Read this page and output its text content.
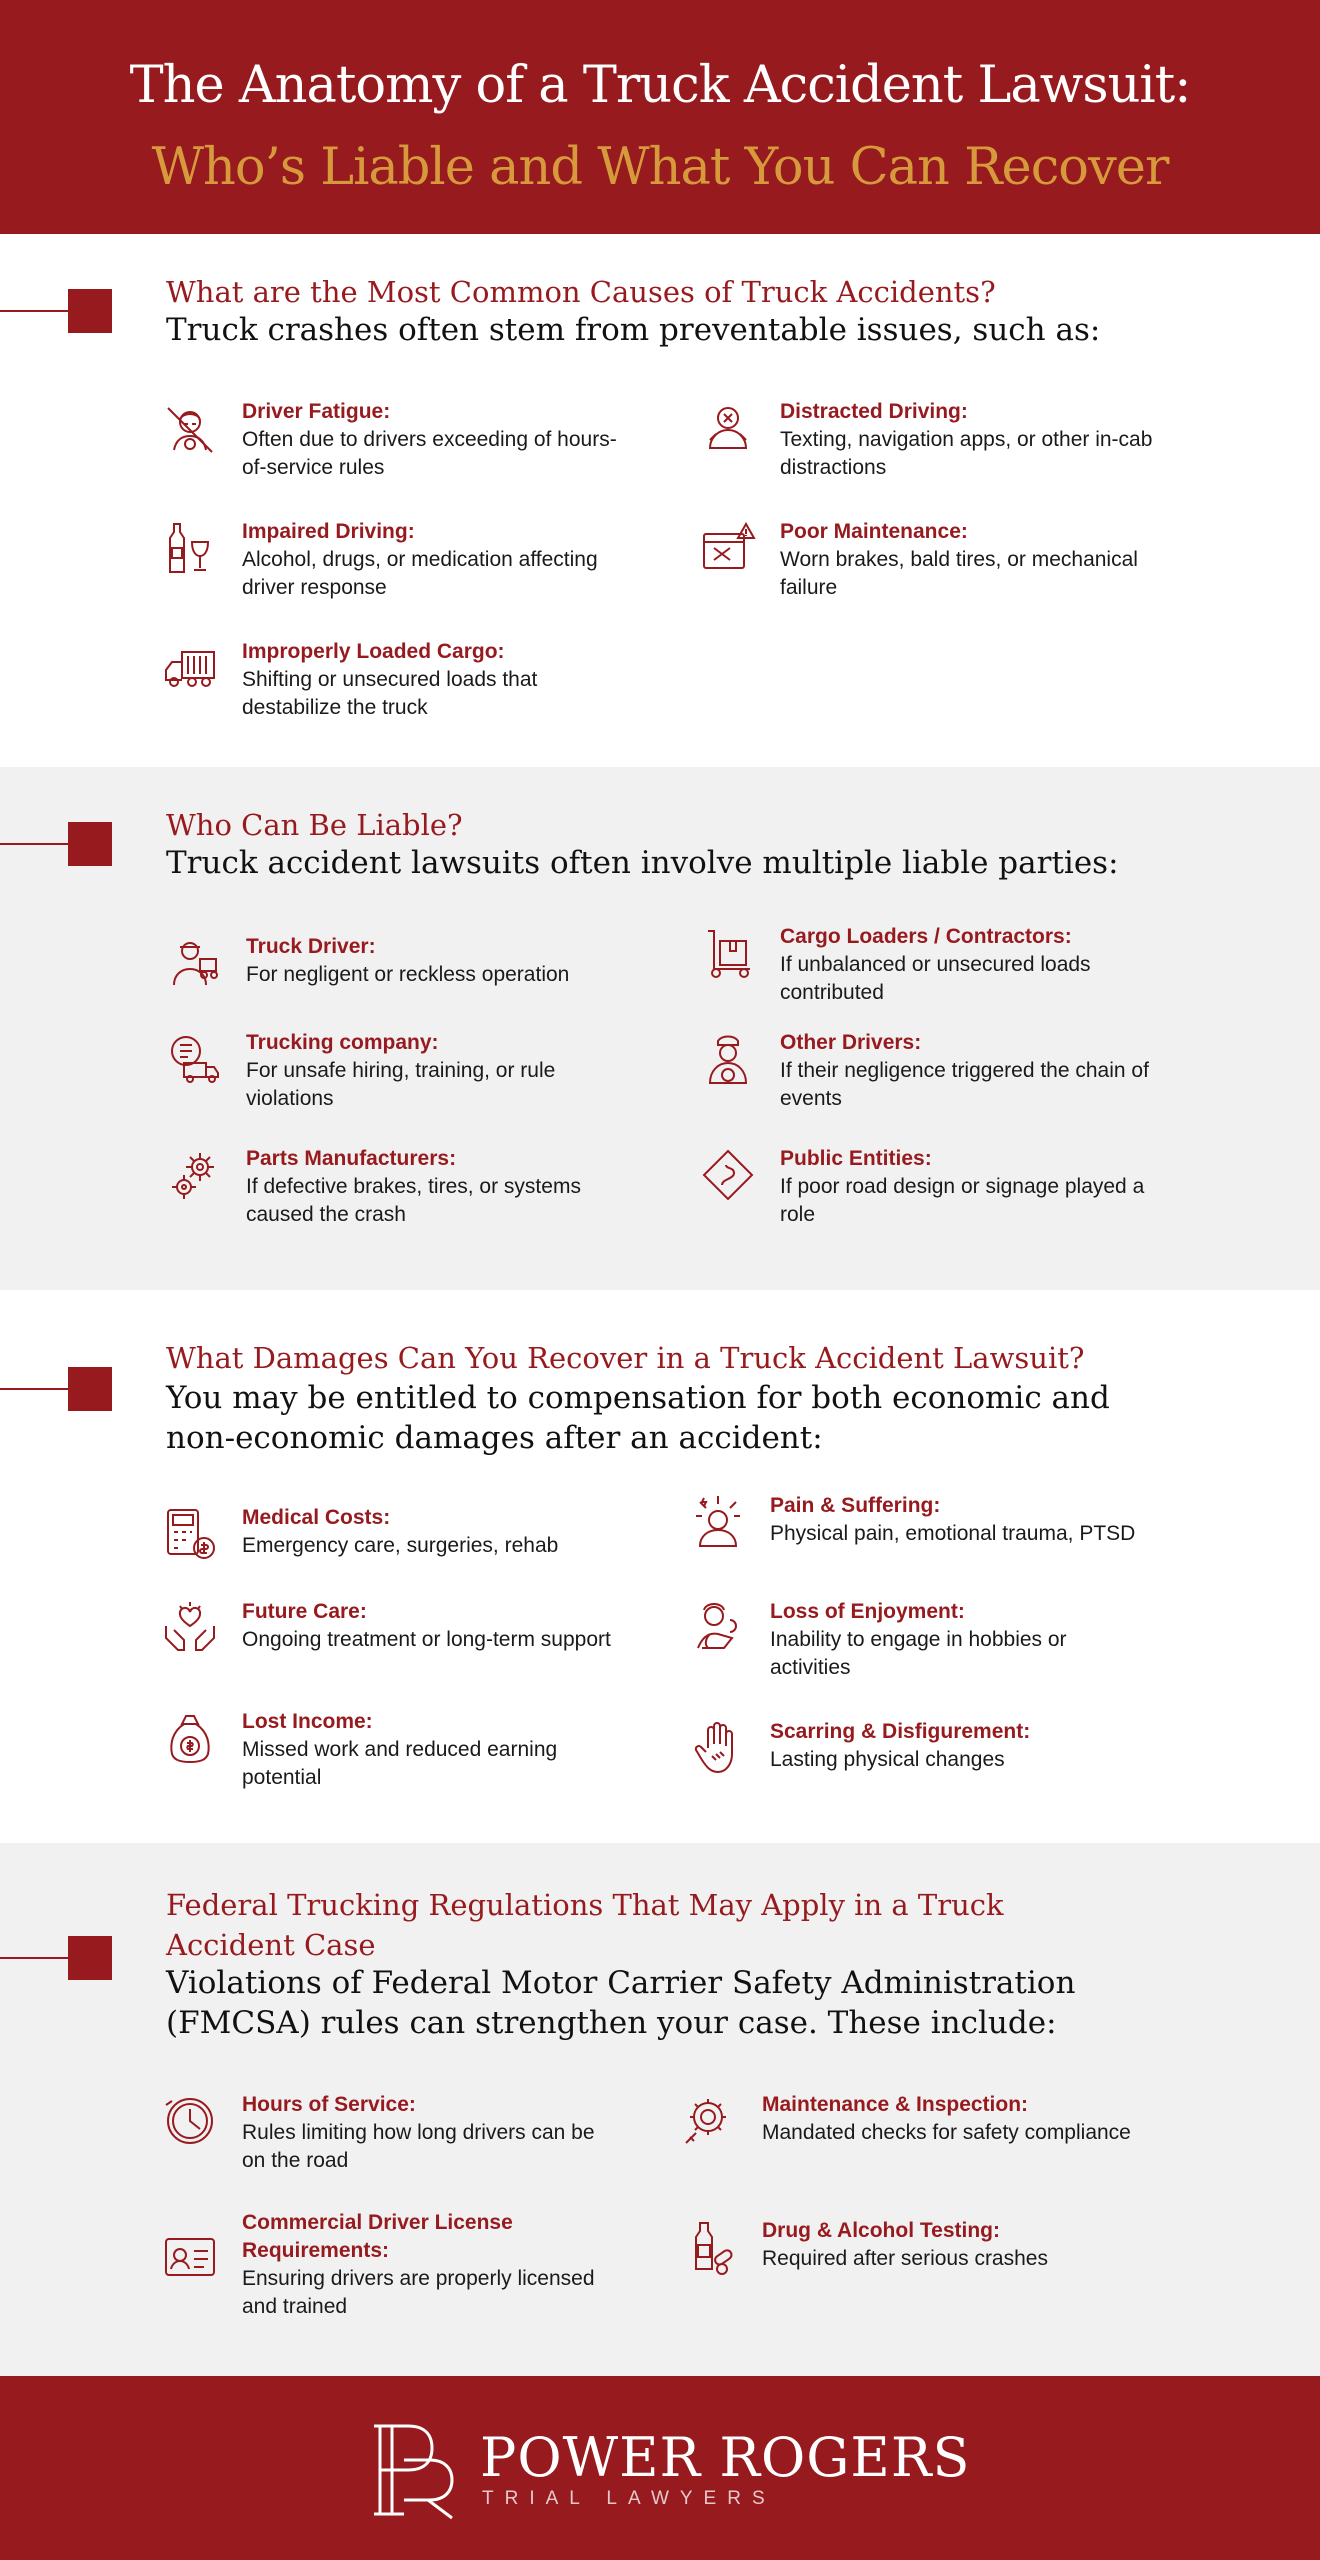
The Anatomy of a Truck Accident Lawsuit:
Who’s Liable and What You Can Recover
What are the Most Common Causes of Truck Accidents?
Truck crashes often stem from preventable issues, such as:
Driver Fatigue:
Often due to drivers exceeding of hours-of-service rules
Distracted Driving:
Texting, navigation apps, or other in-cab distractions
Impaired Driving:
Alcohol, drugs, or medication affecting driver response
Poor Maintenance:
Worn brakes, bald tires, or mechanical failure
Improperly Loaded Cargo:
Shifting or unsecured loads that destabilize the truck
Who Can Be Liable?
Truck accident lawsuits often involve multiple liable parties:
Truck Driver:
For negligent or reckless operation
Cargo Loaders / Contractors:
If unbalanced or unsecured loads contributed
Trucking company:
For unsafe hiring, training, or rule violations
Other Drivers:
If their negligence triggered the chain of events
Parts Manufacturers:
If defective brakes, tires, or systems caused the crash
Public Entities:
If poor road design or signage played a role
What Damages Can You Recover in a Truck Accident Lawsuit?
You may be entitled to compensation for both economic and
non-economic damages after an accident:
Medical Costs:
Emergency care, surgeries, rehab
Pain & Suffering:
Physical pain, emotional trauma, PTSD
Future Care:
Ongoing treatment or long-term support
Loss of Enjoyment:
Inability to engage in hobbies or activities
Lost Income:
Missed work and reduced earning potential
Scarring & Disfigurement:
Lasting physical changes
Federal Trucking Regulations That May Apply in a Truck
Accident Case
Violations of Federal Motor Carrier Safety Administration
(FMCSA) rules can strengthen your case. These include:
Hours of Service:
Rules limiting how long drivers can be on the road
Maintenance & Inspection:
Mandated checks for safety compliance
Commercial Driver License Requirements:
Ensuring drivers are properly licensed and trained
Drug & Alcohol Testing:
Required after serious crashes
POWER ROGERS
TRIAL LAWYERS
